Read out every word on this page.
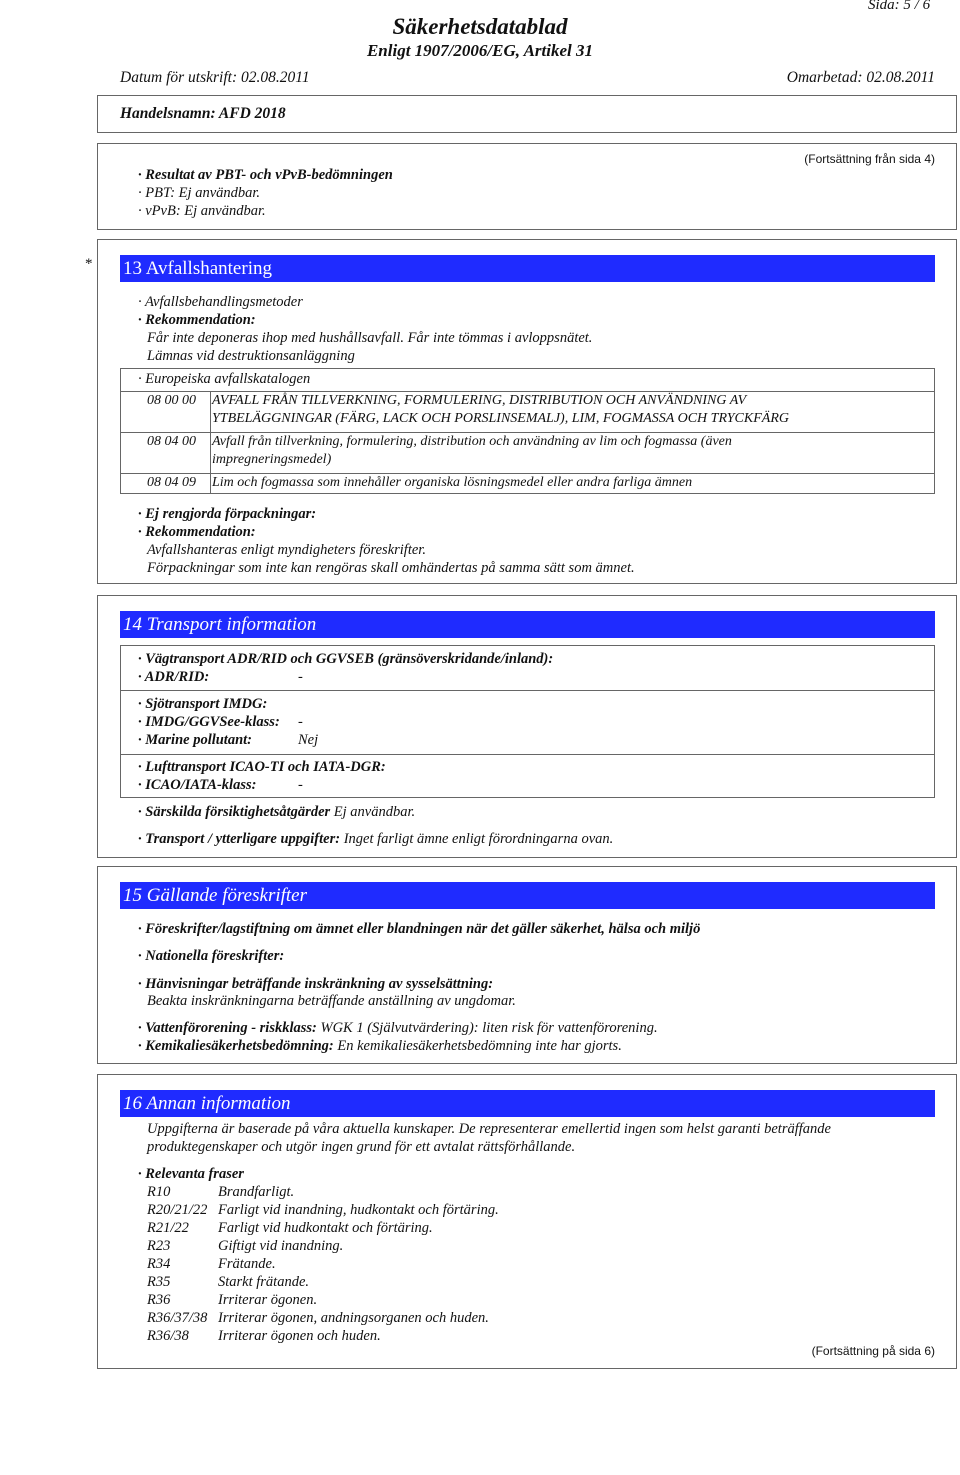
Sida: 5 / 6
Säkerhetsdatablad
Enligt 1907/2006/EG, Artikel 31
Datum för utskrift: 02.08.2011	Omarbetad: 02.08.2011
Handelsnamn: AFD 2018
(Fortsättning från sida 4)
· Resultat av PBT- och vPvB-bedömningen
· PBT: Ej användbar.
· vPvB: Ej användbar.
* 13 Avfallshantering
· Avfallsbehandlingsmetoder
· Rekommendation:
Får inte deponeras ihop med hushållsavfall. Får inte tömmas i avloppsnätet.
Lämnas vid destruktionsanläggning
· Europeiska avfallskatalogen
08 00 00 AVFALL FRÅN TILLVERKNING, FORMULERING, DISTRIBUTION OCH ANVÄNDNING AV
YTBELÄGGNINGAR (FÄRG, LACK OCH PORSLINSEMALJ), LIM, FOGMASSA OCH TRYCKFÄRG
08 04 00 Avfall från tillverkning, formulering, distribution och användning av lim och fogmassa (även
impregneringsmedel)
08 04 09 Lim och fogmassa som innehåller organiska lösningsmedel eller andra farliga ämnen
· Ej rengjorda förpackningar:
· Rekommendation:
Avfallshanteras enligt myndigheters föreskrifter.
Förpackningar som inte kan rengöras skall omhändertas på samma sätt som ämnet.
14 Transport information
· Vägtransport ADR/RID och GGVSEB (gränsöverskridande/inland):
· ADR/RID:	-
· Sjötransport IMDG:
· IMDG/GGVSee-klass: -
· Marine pollutant:	Nej
· Lufttransport ICAO-TI och IATA-DGR:
· ICAO/IATA-klass:	-
· Särskilda försiktighetsåtgärder Ej användbar.
· Transport / ytterligare uppgifter: Inget farligt ämne enligt förordningarna ovan.
15 Gällande föreskrifter
· Föreskrifter/lagstiftning om ämnet eller blandningen när det gäller säkerhet, hälsa och miljö
· Nationella föreskrifter:
· Hänvisningar beträffande inskränkning av sysselsättning:
Beakta inskränkningarna beträffande anställning av ungdomar.
· Vattenförorening - riskklass: WGK 1 (Självutvärdering): liten risk för vattenförorening.
· Kemikaliesäkerhetsbedömning: En kemikaliesäkerhetsbedömning inte har gjorts.
16 Annan information
Uppgifterna är baserade på våra aktuella kunskaper. De representerar emellertid ingen som helst garanti beträffande
produktegenskaper och utgör ingen grund för ett avtalat rättsförhållande.
· Relevanta fraser
R10	Brandfarligt.
R20/21/22 Farligt vid inandning, hudkontakt och förtäring.
R21/22 Farligt vid hudkontakt och förtäring.
R23	Giftigt vid inandning.
R34	Frätande.
R35	Starkt frätande.
R36	Irriterar ögonen.
R36/37/38 Irriterar ögonen, andningsorganen och huden.
R36/38 Irriterar ögonen och huden.
(Fortsättning på sida 6)
